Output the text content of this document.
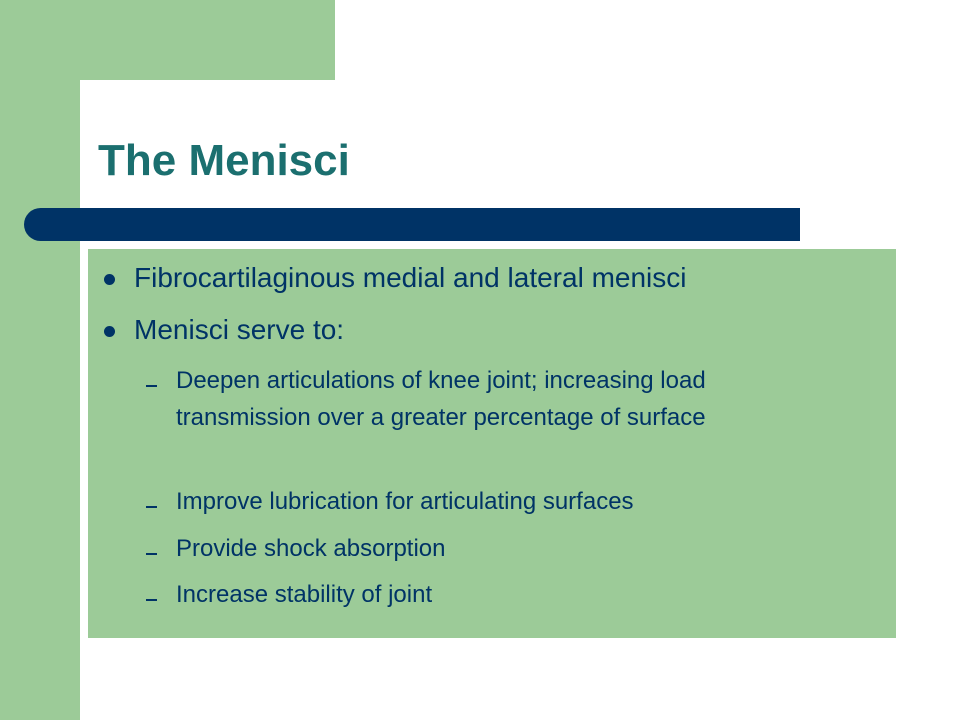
The Menisci
Fibrocartilaginous medial and lateral menisci
Menisci serve to:
Deepen articulations of knee joint; increasing load transmission over a greater percentage of surface
Improve lubrication for articulating surfaces
Provide shock absorption
Increase stability of joint
